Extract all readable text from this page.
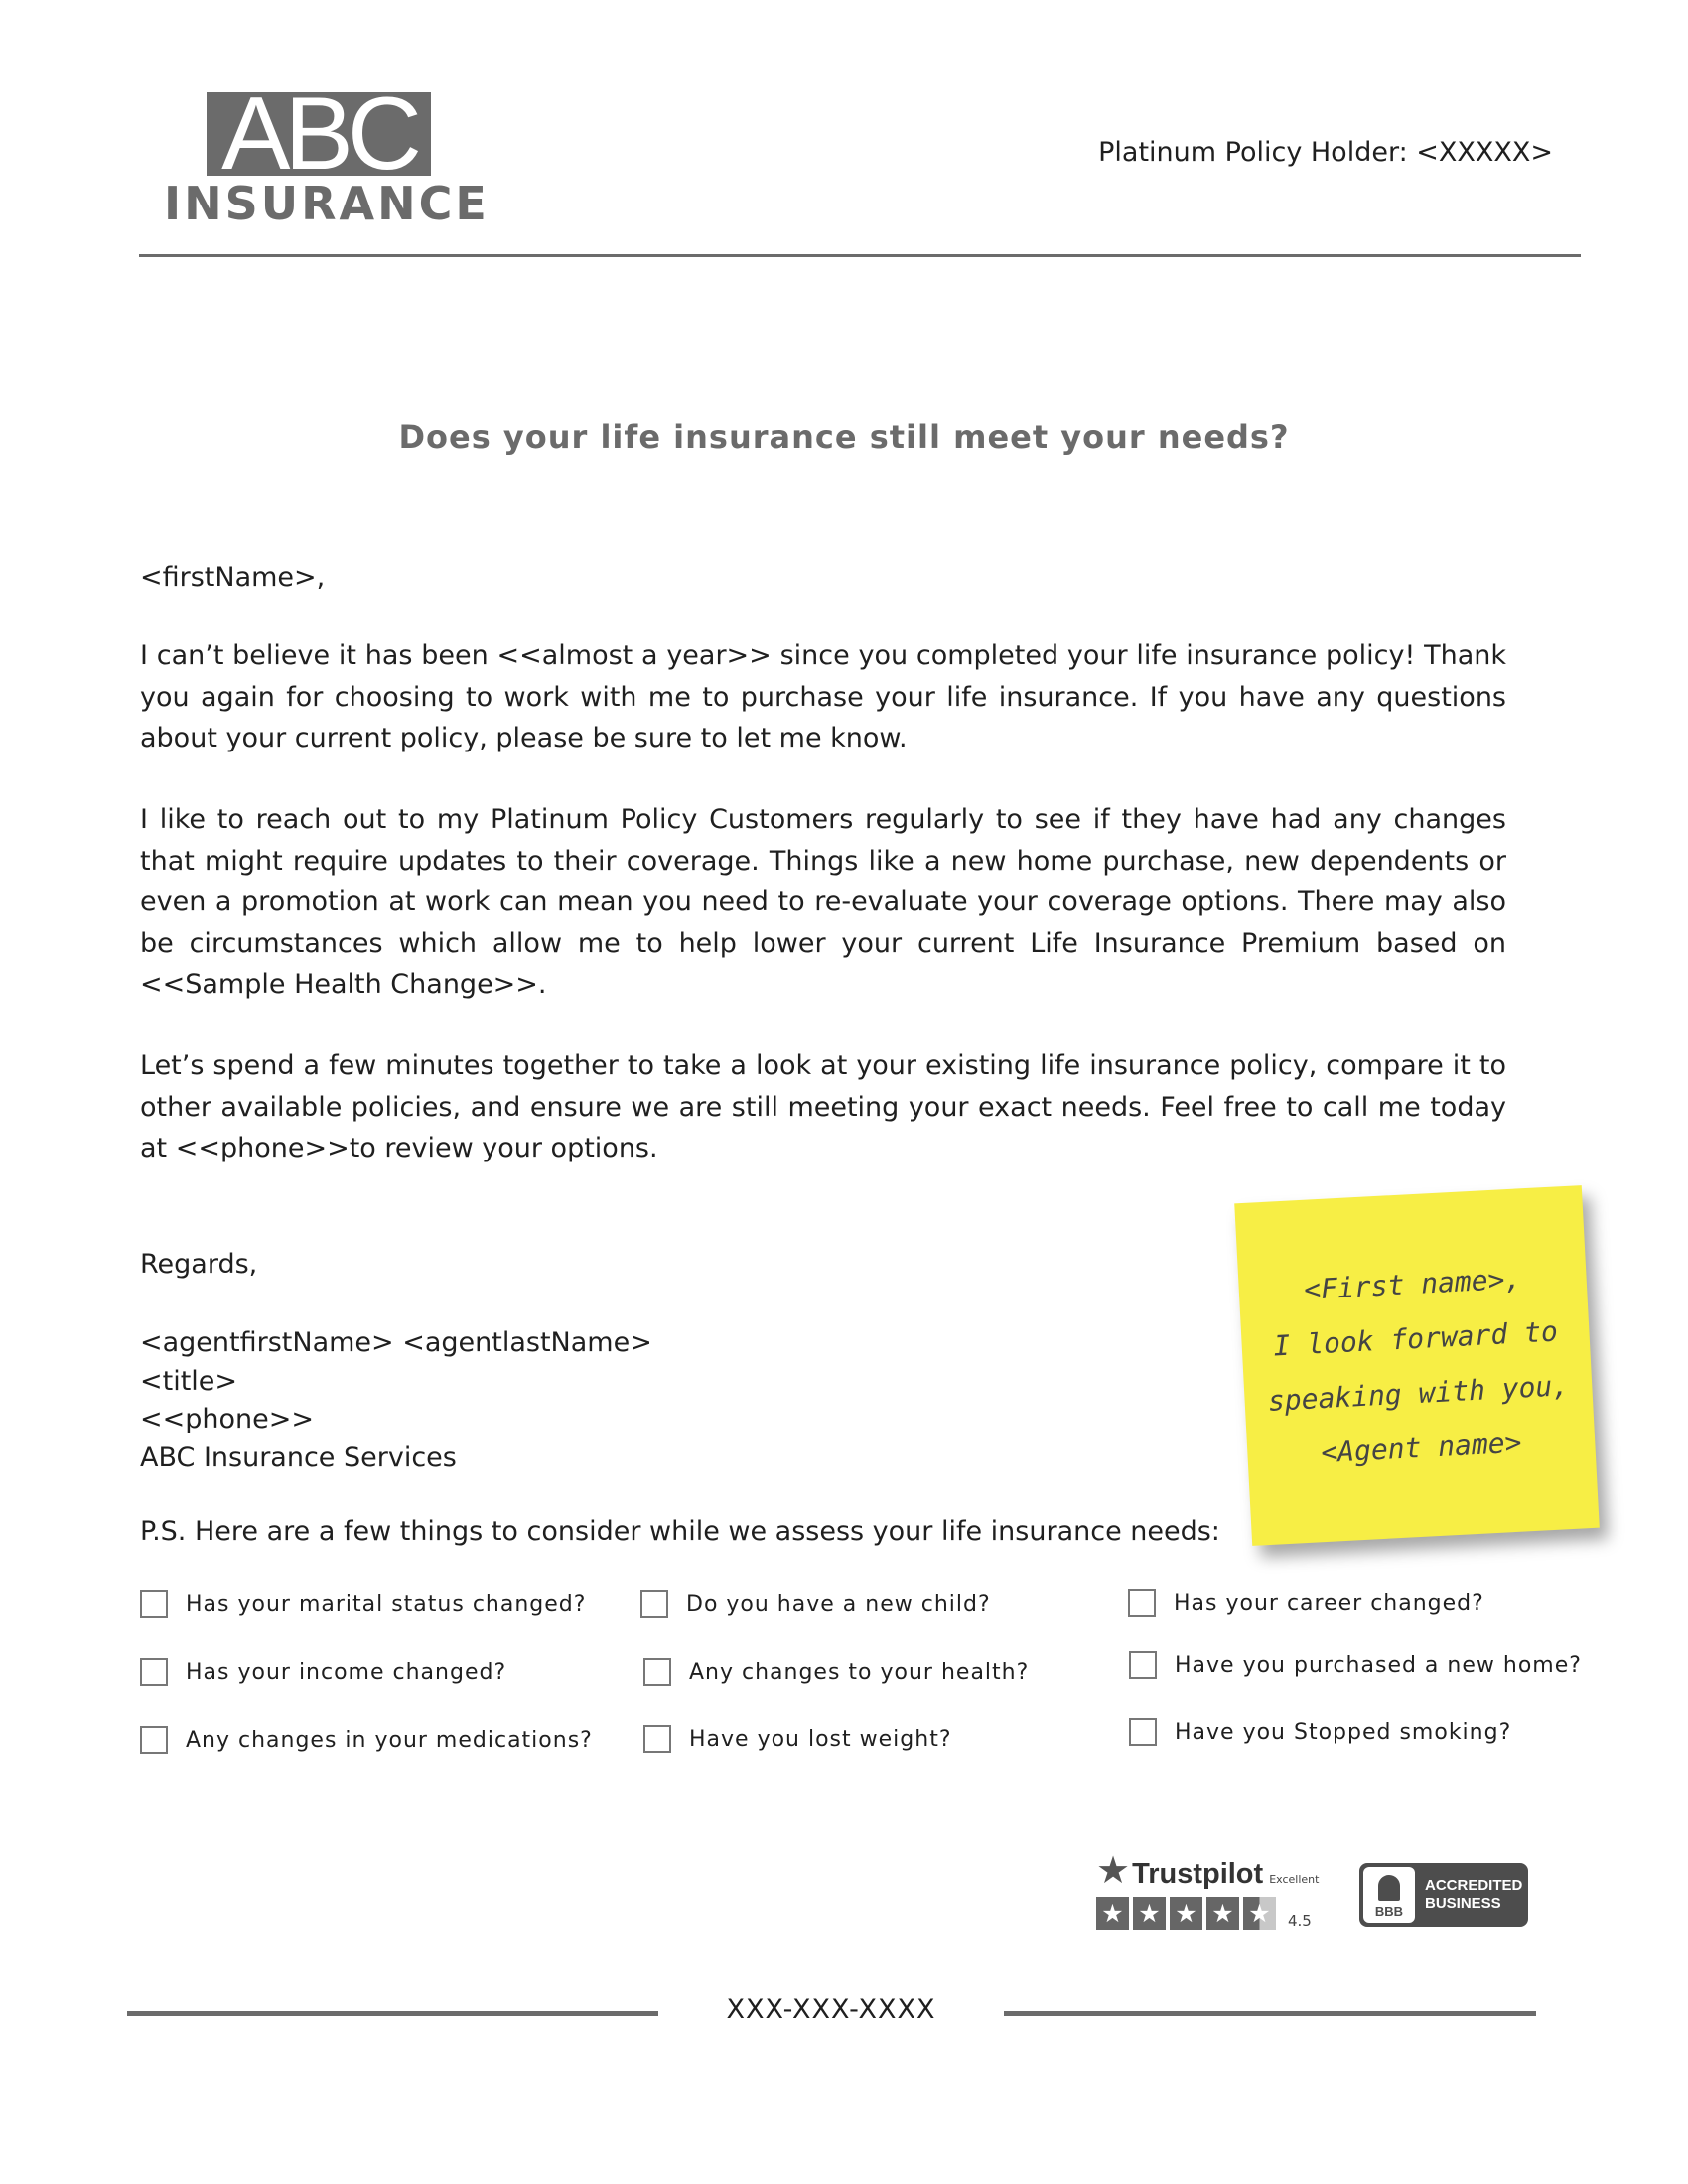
ABC
INSURANCE
Platinum Policy Holder: <XXXXX>
Does your life insurance still meet your needs?
<firstName>,

I can’t believe it has been <<almost a year>> since you completed your life insurance policy! Thank you again for choosing to work with me to purchase your life insurance. If you have any questions about your current policy, please be sure to let me know.

I like to reach out to my Platinum Policy Customers regularly to see if they have had any changes that might require updates to their coverage. Things like a new home purchase, new dependents or even a promotion at work can mean you need to re-evaluate your coverage options. There may also be circumstances which allow me to help lower your current Life Insurance Premium based on <<Sample Health Change>>.

Let’s spend a few minutes together to take a look at your existing life insurance policy, compare it to other available policies, and ensure we are still meeting your exact needs. Feel free to call me today at <<phone>>to review your options.

Regards,
<agentfirstName> <agentlastName>
<title>
<<phone>>
ABC Insurance Services
P.S. Here are a few things to consider while we assess your life insurance needs:
<First name>,
I look forward to
speaking with you,
<Agent name>
Has your marital status changed?	Do you have a new child?	Has your career changed?
Has your income changed?	Any changes to your health?	Have you purchased a new home?
Any changes in your medications?	Have you lost weight?	Have you Stopped smoking?
★ Trustpilot Excellent
★ ★ ★ ★ ★	4.5
BBB
ACCREDITED
BUSINESS
XXX-XXX-XXXX
